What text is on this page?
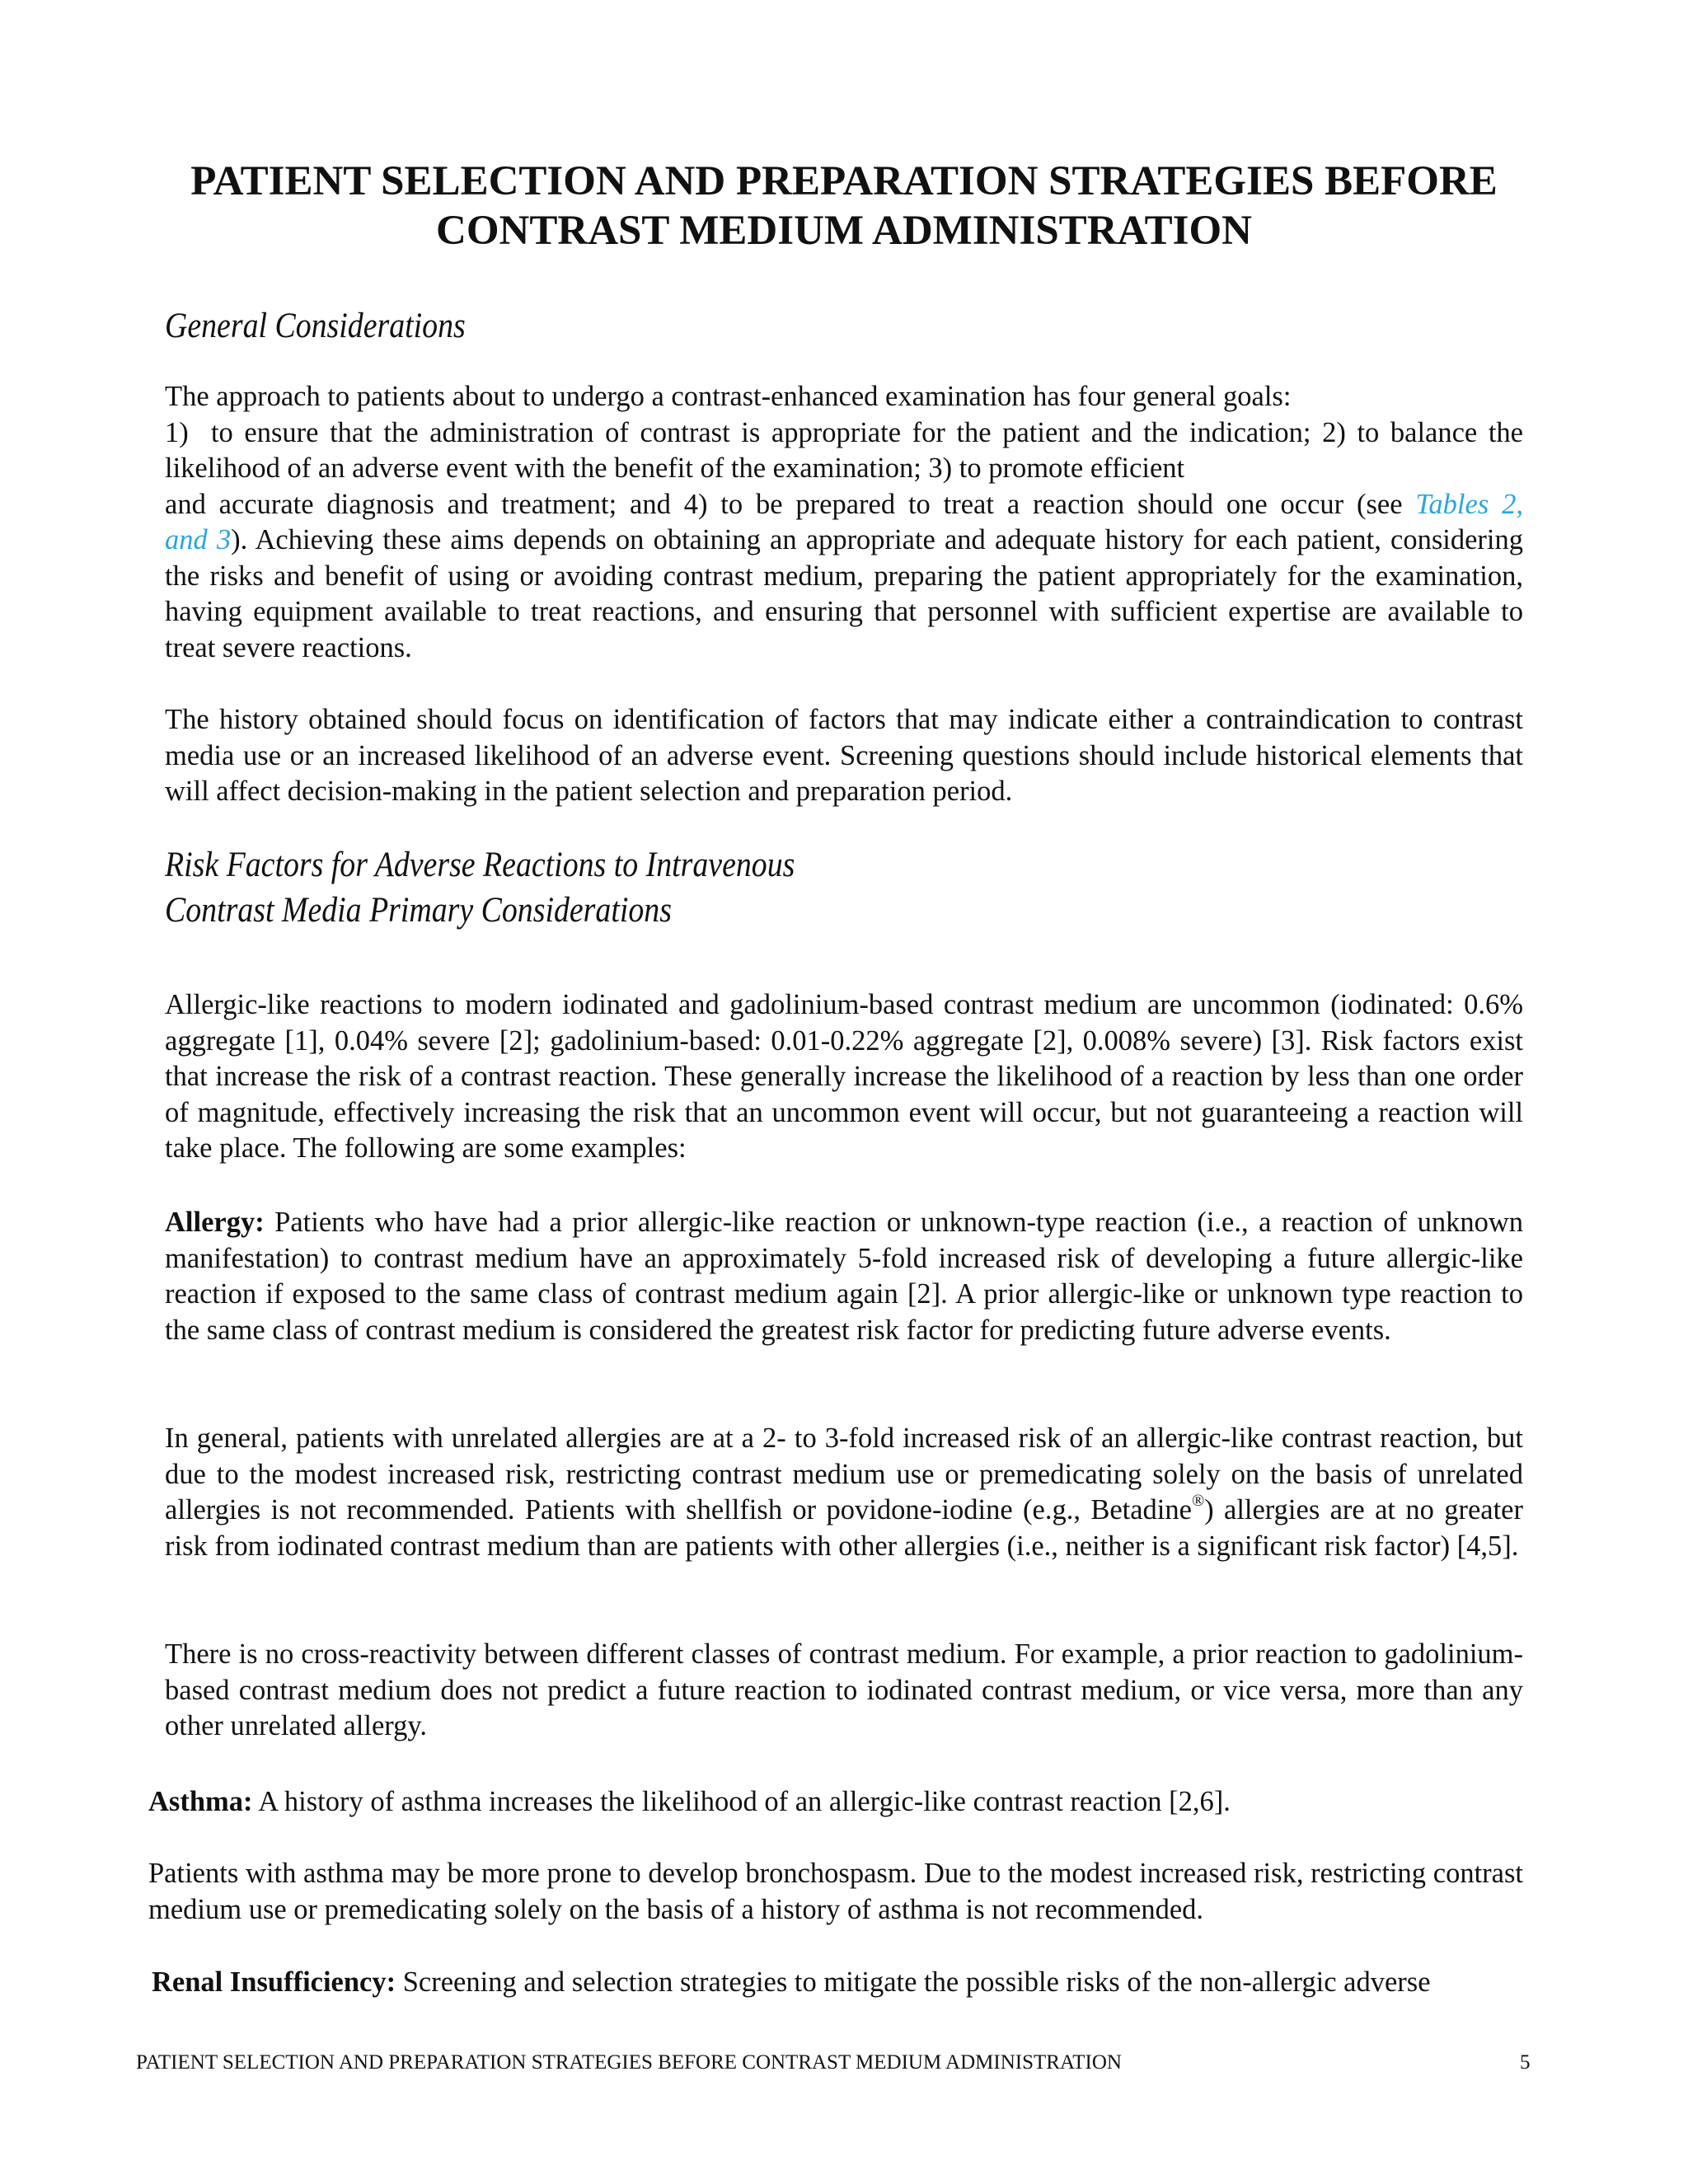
PATIENT SELECTION AND PREPARATION STRATEGIES BEFORE
CONTRAST MEDIUM ADMINISTRATION
General Considerations

The approach to patients about to undergo a contrast-enhanced examination has four general goals:
1)  to ensure that the administration of contrast is appropriate for the patient and the indication; 2) to balance the
likelihood of an adverse event with the benefit of the examination; 3) to promote efficient
and accurate diagnosis and treatment; and 4) to be prepared to treat a reaction should one occur (see Tables 2,
and 3). Achieving these aims depends on obtaining an appropriate and adequate history for each patient, considering the risks and benefit of using or avoiding contrast medium, preparing the patient appropriately for the examination, having equipment available to treat reactions, and ensuring that personnel with sufficient expertise are available to treat severe reactions.

The history obtained should focus on identification of factors that may indicate either a contraindication to contrast media use or an increased likelihood of an adverse event. Screening questions should include historical elements that will affect decision-making in the patient selection and preparation period.

Risk Factors for Adverse Reactions to Intravenous
Contrast Media Primary Considerations

Allergic-like reactions to modern iodinated and gadolinium-based contrast medium are uncommon (iodinated: 0.6% aggregate [1], 0.04% severe [2]; gadolinium-based: 0.01-0.22% aggregate [2], 0.008% severe) [3]. Risk factors exist that increase the risk of a contrast reaction. These generally increase the likelihood of a reaction by less than one order of magnitude, effectively increasing the risk that an uncommon event will occur, but not guaranteeing a reaction will take place. The following are some examples:

Allergy: Patients who have had a prior allergic-like reaction or unknown-type reaction (i.e., a reaction of unknown manifestation) to contrast medium have an approximately 5-fold increased risk of developing a future allergic-like reaction if exposed to the same class of contrast medium again [2]. A prior allergic-like or unknown type reaction to the same class of contrast medium is considered the greatest risk factor for predicting future adverse events.

In general, patients with unrelated allergies are at a 2- to 3-fold increased risk of an allergic-like contrast reaction, but due to the modest increased risk, restricting contrast medium use or premedicating solely on the basis of unrelated allergies is not recommended. Patients with shellfish or povidone-iodine (e.g., Betadine®) allergies are at no greater risk from iodinated contrast medium than are patients with other allergies (i.e., neither is a significant risk factor) [4,5].

There is no cross-reactivity between different classes of contrast medium. For example, a prior reaction to gadolinium-based contrast medium does not predict a future reaction to iodinated contrast medium, or vice versa, more than any other unrelated allergy.

Asthma: A history of asthma increases the likelihood of an allergic-like contrast reaction [2,6].

Patients with asthma may be more prone to develop bronchospasm. Due to the modest increased risk, restricting contrast medium use or premedicating solely on the basis of a history of asthma is not recommended.

Renal Insufficiency: Screening and selection strategies to mitigate the possible risks of the non-allergic adverse

PATIENT SELECTION AND PREPARATION STRATEGIES BEFORE CONTRAST MEDIUM ADMINISTRATION	5
